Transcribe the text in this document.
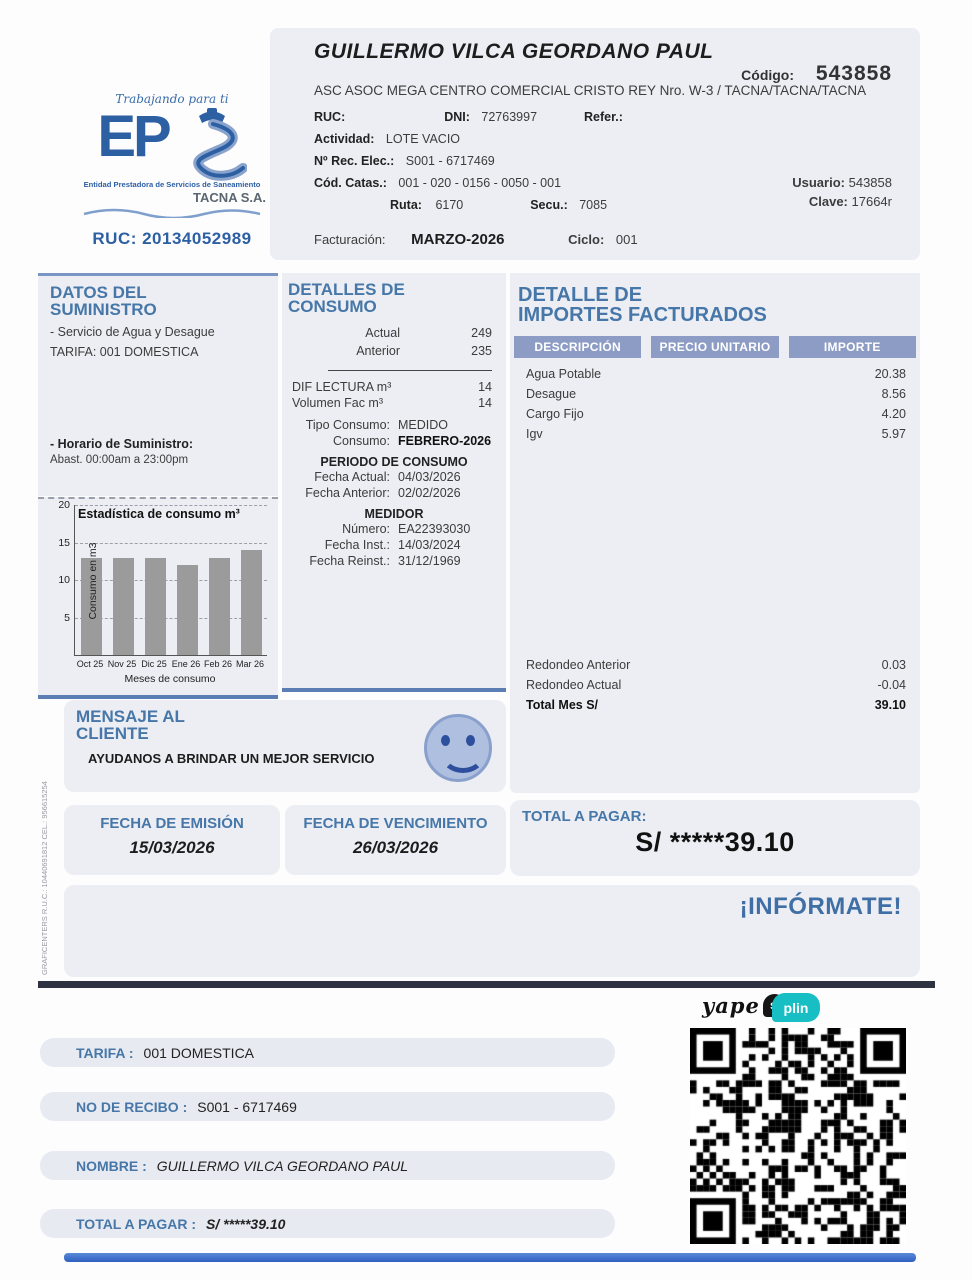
Trabajando para ti
EP
Entidad Prestadora de Servicios de Saneamiento
TACNA S.A.
RUC: 20134052989
GUILLERMO VILCA GEORDANO PAUL
Código: 543858
ASC ASOC MEGA CENTRO COMERCIAL CRISTO REY Nro. W-3 / TACNA/TACNA/TACNA
RUC:	DNI: 72763997	Refer.:
Actividad: LOTE VACIO
Nº Rec. Elec.: S001 - 6717469
Cód. Catas.: 001 - 020 - 0156 - 0050 - 001
Ruta: 6170	Secu.: 7085
Usuario: 543858
Clave: 17664r
Facturación: MARZO-2026	Ciclo: 001
DATOS DEL
SUMINISTRO
- Servicio de Agua y Desague
TARIFA: 001 DOMESTICA
- Horario de Suministro:
Abast. 00:00am a 23:00pm
5
10
15
20
Consumo en m3
Estadística de consumo m³
Oct 25 Nov 25 Dic 25 Ene 26 Feb 26 Mar 26
Meses de consumo
DETALLES DE
CONSUMO
Actual	249
Anterior	235
DIF LECTURA m³	14
Volumen Fac m³	14
Tipo Consumo: MEDIDO
Consumo: FEBRERO-2026
PERIODO DE CONSUMO
Fecha Actual: 04/03/2026
Fecha Anterior: 02/02/2026
MEDIDOR
Número: EA22393030
Fecha Inst.: 14/03/2024
Fecha Reinst.: 31/12/1969
DETALLE DE
IMPORTES FACTURADOS
DESCRIPCIÓN	PRECIO UNITARIO	IMPORTE
Agua Potable	20.38
Desague	8.56
Cargo Fijo	4.20
Igv	5.97
Redondeo Anterior	0.03
Redondeo Actual	-0.04
Total Mes S/	39.10
MENSAJE AL
CLIENTE
AYUDANOS A BRINDAR UN MEJOR SERVICIO
FECHA DE EMISIÓN
15/03/2026
FECHA DE VENCIMIENTO
26/03/2026
TOTAL A PAGAR:
S/ *****39.10
¡INFÓRMATE!
yape	plin
TARIFA : 001 DOMESTICA
NO DE RECIBO : S001 - 6717469
NOMBRE : GUILLERMO VILCA GEORDANO PAUL
TOTAL A PAGAR : S/ *****39.10
GRAFICENTERS R.U.C.: 10440691812 CEL.: 956615254
